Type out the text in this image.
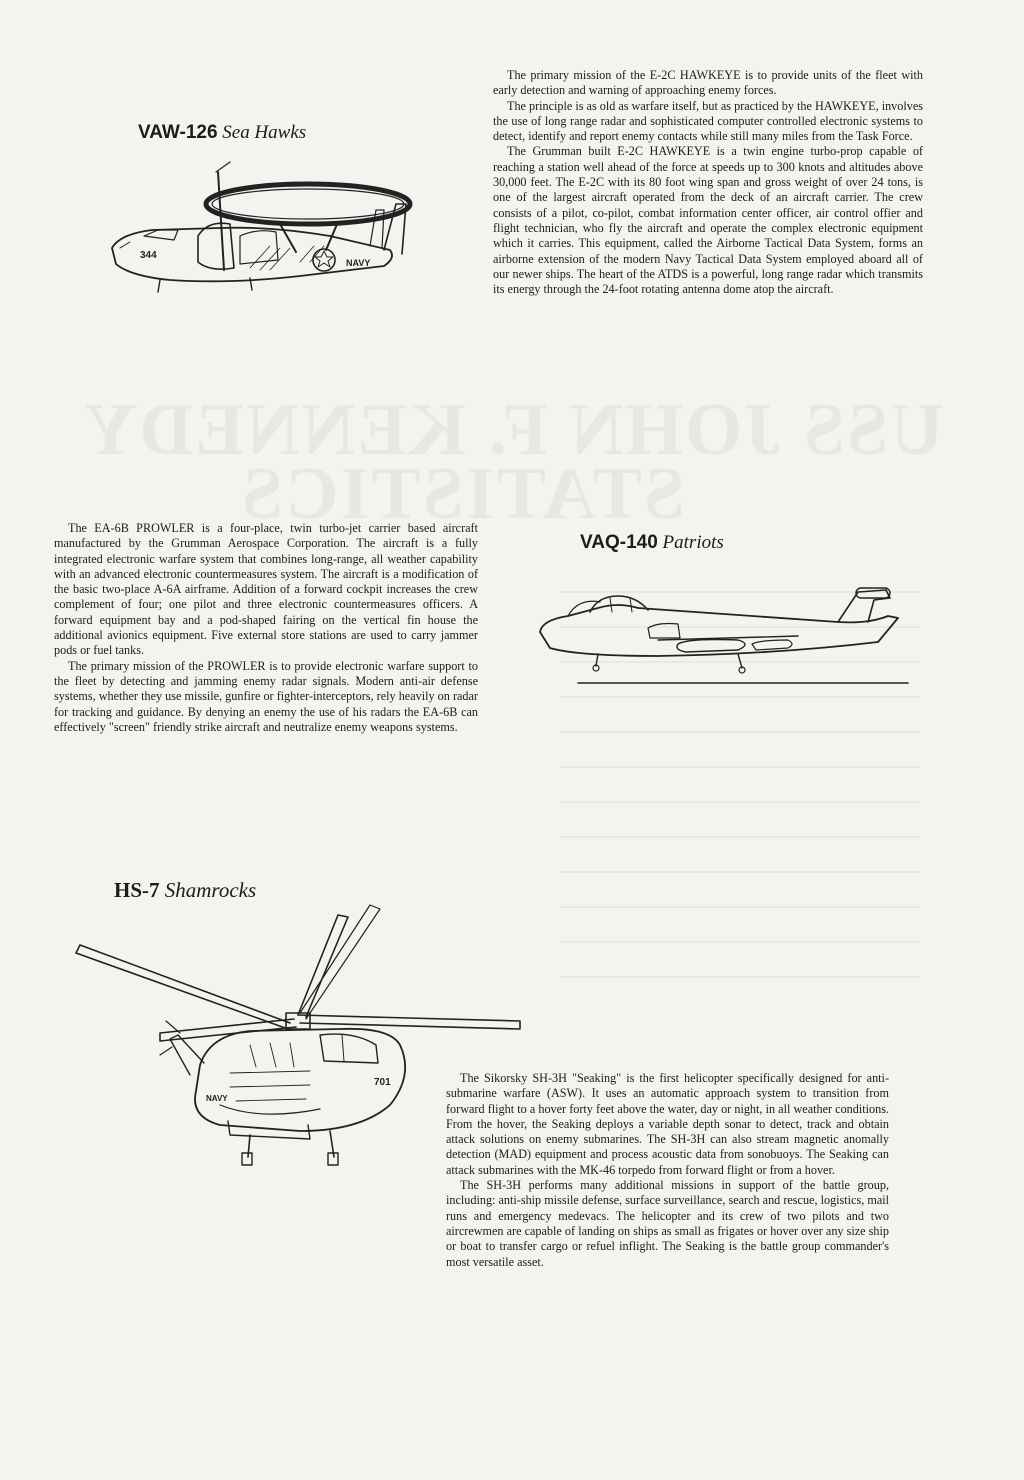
VAW-126 Sea Hawks
344
NAVY

The primary mission of the E-2C HAWKEYE is to provide units of the fleet with early detection and warning of approaching enemy forces.

The principle is as old as warfare itself, but as practiced by the HAWKEYE, involves the use of long range radar and sophisticated computer controlled electronic systems to detect, identify and report enemy contacts while still many miles from the Task Force.

The Grumman built E-2C HAWKEYE is a twin engine turbo-prop capable of reaching a station well ahead of the force at speeds up to 300 knots and altitudes above 30,000 feet. The E-2C with its 80 foot wing span and gross weight of over 24 tons, is one of the largest aircraft operated from the deck of an aircraft carrier. The crew consists of a pilot, co-pilot, combat information center officer, air control offier and flight technician, who fly the aircraft and operate the complex electronic equipment which it carries. This equipment, called the Airborne Tactical Data System, forms an airborne extension of the modern Navy Tactical Data System employed aboard all of our newer ships. The heart of the ATDS is a powerful, long range radar which transmits its energy through the 24-foot rotating antenna dome atop the aircraft.

The EA-6B PROWLER is a four-place, twin turbo-jet carrier based aircraft manufactured by the Grumman Aerospace Corporation. The aircraft is a fully integrated electronic warfare system that combines long-range, all weather capability with an advanced electronic countermeasures system. The aircraft is a modification of the basic two-place A-6A airframe. Addition of a forward cockpit increases the crew complement of four; one pilot and three electronic countermeasures officers. A forward equipment bay and a pod-shaped fairing on the vertical fin house the additional avionics equipment. Five external store stations are used to carry jammer pods or fuel tanks.

The primary mission of the PROWLER is to provide electronic warfare support to the fleet by detecting and jamming enemy radar signals. Modern anti-air defense systems, whether they use missile, gunfire or fighter-interceptors, rely heavily on radar for tracking and guidance. By denying an enemy the use of his radars the EA-6B can effectively "screen" friendly strike aircraft and neutralize enemy weapons systems.

VAQ-140 Patriots
HS-7 Shamrocks
701
NAVY

The Sikorsky SH-3H "Seaking" is the first helicopter specifically designed for anti-submarine warfare (ASW). It uses an automatic approach system to transition from forward flight to a hover forty feet above the water, day or night, in all weather conditions. From the hover, the Seaking deploys a variable depth sonar to detect, track and obtain attack solutions on enemy submarines. The SH-3H can also stream magnetic anomally detection (MAD) equipment and process acoustic data from sonobuoys. The Seaking can attack submarines with the MK-46 torpedo from forward flight or from a hover.

The SH-3H performs many additional missions in support of the battle group, including: anti-ship missile defense, surface surveillance, search and rescue, logistics, mail runs and emergency medevacs. The helicopter and its crew of two pilots and two aircrewmen are capable of landing on ships as small as frigates or hover over any size ship or boat to transfer cargo or refuel inflight. The Seaking is the battle group commander's most versatile asset.
